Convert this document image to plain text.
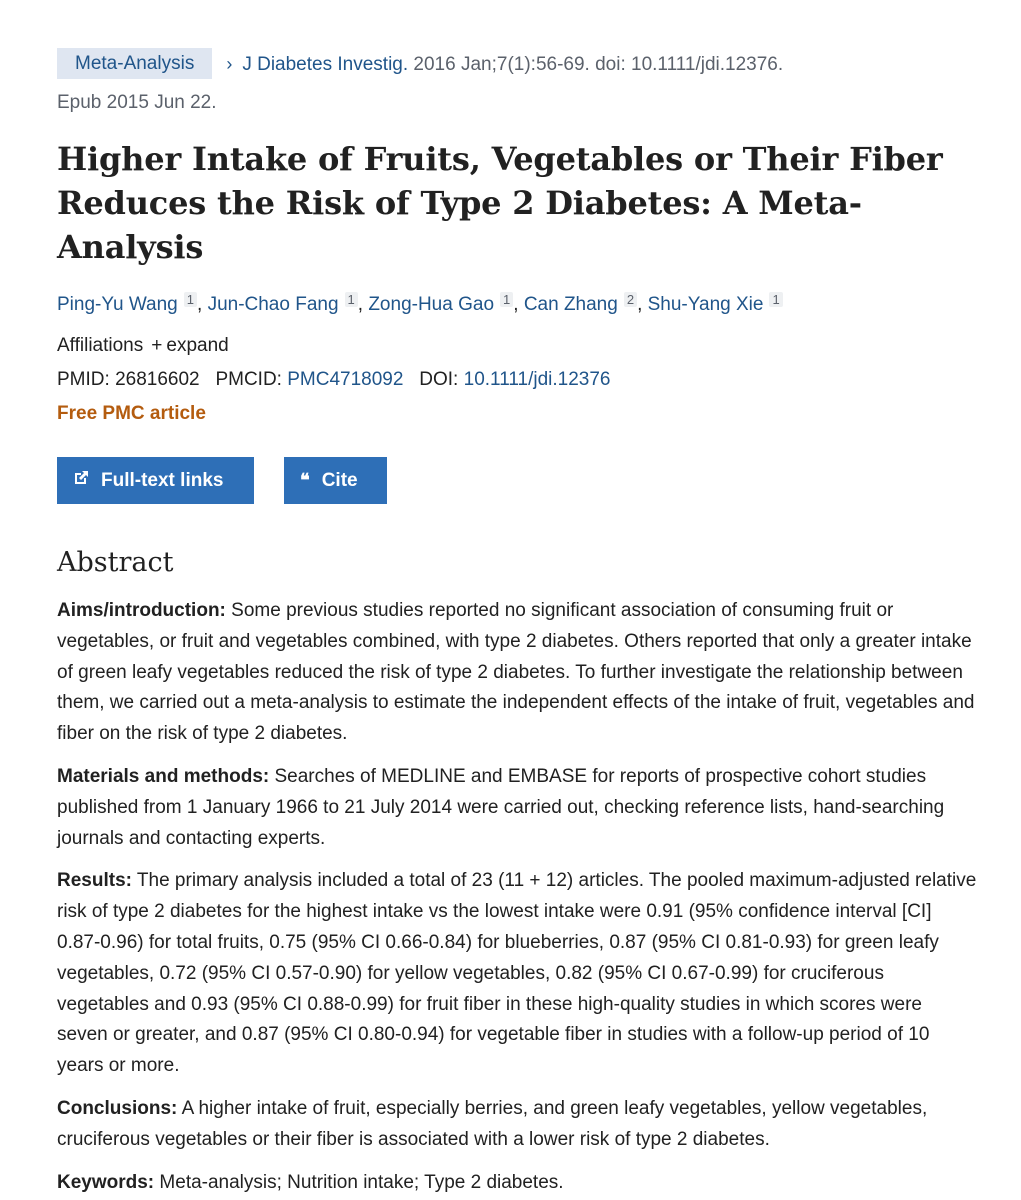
Meta-Analysis › J Diabetes Investig. 2016 Jan;7(1):56-69. doi: 10.1111/jdi.12376.
Epub 2015 Jun 22.
Higher Intake of Fruits, Vegetables or Their Fiber Reduces the Risk of Type 2 Diabetes: A Meta-Analysis
Ping-Yu Wang 1 , Jun-Chao Fang 1 , Zong-Hua Gao 1 , Can Zhang 2 , Shu-Yang Xie 1
Affiliations + expand
PMID: 26816602 PMCID: PMC4718092 DOI: 10.1111/jdi.12376
Free PMC article
Full-text links	❝ Cite
Abstract

Aims/introduction: Some previous studies reported no significant association of consuming fruit or vegetables, or fruit and vegetables combined, with type 2 diabetes. Others reported that only a greater intake of green leafy vegetables reduced the risk of type 2 diabetes. To further investigate the relationship between them, we carried out a meta-analysis to estimate the independent effects of the intake of fruit, vegetables and fiber on the risk of type 2 diabetes.

Materials and methods: Searches of MEDLINE and EMBASE for reports of prospective cohort studies published from 1 January 1966 to 21 July 2014 were carried out, checking reference lists, hand-searching journals and contacting experts.

Results: The primary analysis included a total of 23 (11 + 12) articles. The pooled maximum-adjusted relative risk of type 2 diabetes for the highest intake vs the lowest intake were 0.91 (95% confidence interval [CI] 0.87-0.96) for total fruits, 0.75 (95% CI 0.66-0.84) for blueberries, 0.87 (95% CI 0.81-0.93) for green leafy vegetables, 0.72 (95% CI 0.57-0.90) for yellow vegetables, 0.82 (95% CI 0.67-0.99) for cruciferous vegetables and 0.93 (95% CI 0.88-0.99) for fruit fiber in these high-quality studies in which scores were seven or greater, and 0.87 (95% CI 0.80-0.94) for vegetable fiber in studies with a follow-up period of 10 years or more.

Conclusions: A higher intake of fruit, especially berries, and green leafy vegetables, yellow vegetables, cruciferous vegetables or their fiber is associated with a lower risk of type 2 diabetes.

Keywords: Meta-analysis; Nutrition intake; Type 2 diabetes.
